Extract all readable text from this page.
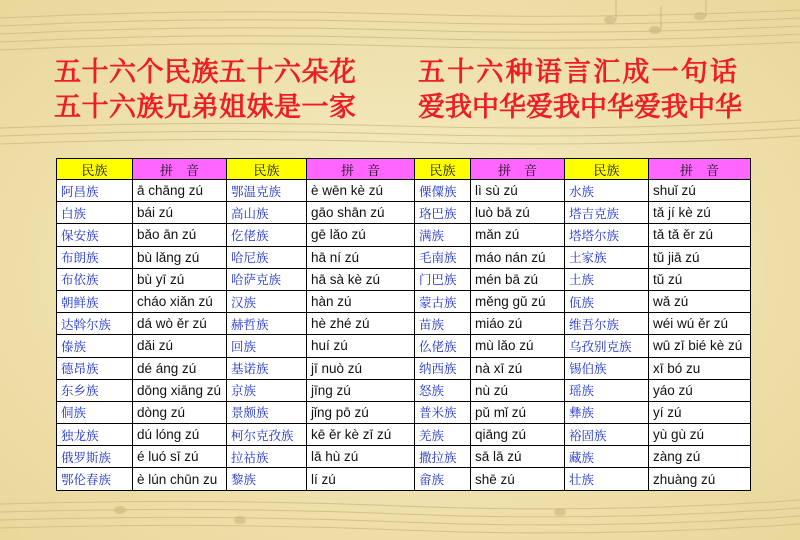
五十六个民族五十六朵花 五十六种语言汇成一句话
五十六族兄弟姐妹是一家 爱我中华爱我中华爱我中华
民族	拼　音	民族	拼　音	民族	拼　音	民族	拼　音
阿昌族	ā chāng zú	鄂温克族	è wēn kè zú	傈僳族	lì sù zú	水族	shuǐ zú
白族	bái zú	高山族	gāo shān zú	珞巴族	luò bā zú	塔吉克族	tǎ jí kè zú
保安族	bǎo ān zú	仡佬族	gē lǎo zú	满族	mǎn zú	塔塔尔族	tǎ tǎ ěr zú
布朗族	bù lǎng zú	哈尼族	hā ní zú	毛南族	máo nán zú	土家族	tǔ jiā zú
布依族	bù yī zú	哈萨克族	hā sà kè zú	门巴族	mén bā zú	土族	tǔ zú
朝鲜族	cháo xiǎn zú	汉族	hàn zú	蒙古族	měng gǔ zú	佤族	wǎ zú
达斡尔族	dá wò ěr zú	赫哲族	hè zhé zú	苗族	miáo zú	维吾尔族	wéi wú ěr zú
傣族	dǎi zú	回族	huí zú	仫佬族	mù lǎo zú	乌孜别克族	wū zī bié kè zú
德昂族	dé áng zú	基诺族	jī nuò zú	纳西族	nà xī zú	锡伯族	xī bó zu
东乡族	dōng xiāng zú	京族	jīng zú	怒族	nù zú	瑶族	yáo zú
侗族	dòng zú	景颇族	jǐng pō zú	普米族	pǔ mǐ zú	彝族	yí zú
独龙族	dú lóng zú	柯尔克孜族	kē ěr kè zī zú	羌族	qiāng zú	裕固族	yù gù zú
俄罗斯族	é luó sī zú	拉祜族	lā hù zú	撒拉族	sā lā zú	藏族	zàng zú
鄂伦春族	è lún chūn zu	黎族	lí zú	畲族	shē zú	壮族	zhuàng zú
